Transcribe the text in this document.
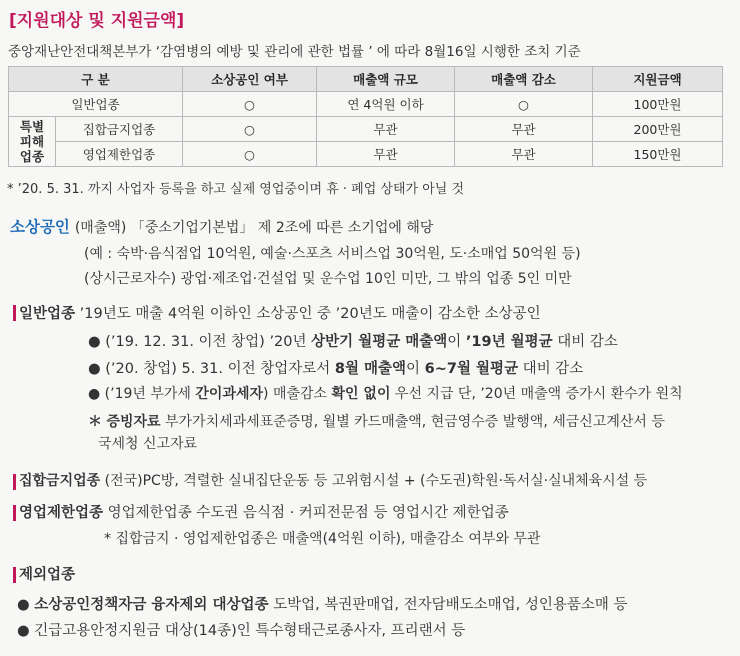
[지원대상 및 지원금액]
중앙재난안전대책본부가 ‘감염병의 예방 및 관리에 관한 법률 ’ 에 따라 8월16일 시행한 조치 기준
구 분		소상공인 여부	매출액 규모	매출액 감소	지원금액
일반업종		○	연 4억원 이하	○	100만원
특별 피해 업종	집합금지업종	○	무관	무관	200만원
	영업제한업종	○	무관	무관	150만원
* ’20. 5. 31. 까지 사업자 등록을 하고 실제 영업중이며 휴 · 폐업 상태가 아닐 것
소상공인 (매출액) 「중소기업기본법」 제 2조에 따른 소기업에 해당
(예 : 숙박·음식점업 10억원, 예술·스포츠 서비스업 30억원, 도·소매업 50억원 등)
(상시근로자수) 광업·제조업·건설업 및 운수업 10인 미만, 그 밖의 업종 5인 미만
일반업종 ’19년도 매출 4억원 이하인 소상공인 중 ’20년도 매출이 감소한 소상공인
● (’19. 12. 31. 이전 창업) ’20년 상반기 월평균 매출액이 ’19년 월평균 대비 감소
● (’20. 창업) 5. 31. 이전 창업자로서 8월 매출액이 6~7월 월평균 대비 감소
● (’19년 부가세 간이과세자) 매출감소 확인 없이 우선 지급 단, ’20년 매출액 증가시 환수가 원칙
＊ 증빙자료 부가가치세과세표준증명, 월별 카드매출액, 현금영수증 발행액, 세금신고계산서 등
국세청 신고자료
집합금지업종 (전국)PC방, 격렬한 실내집단운동 등 고위험시설 + (수도권)학원·독서실·실내체육시설 등
영업제한업종 영업제한업종 수도권 음식점 · 커피전문점 등 영업시간 제한업종
* 집합금지 · 영업제한업종은 매출액(4억원 이하), 매출감소 여부와 무관
제외업종
● 소상공인정책자금 융자제외 대상업종 도박업, 복권판매업, 전자담배도소매업, 성인용품소매 등
● 긴급고용안정지원금 대상(14종)인 특수형태근로종사자, 프리랜서 등
